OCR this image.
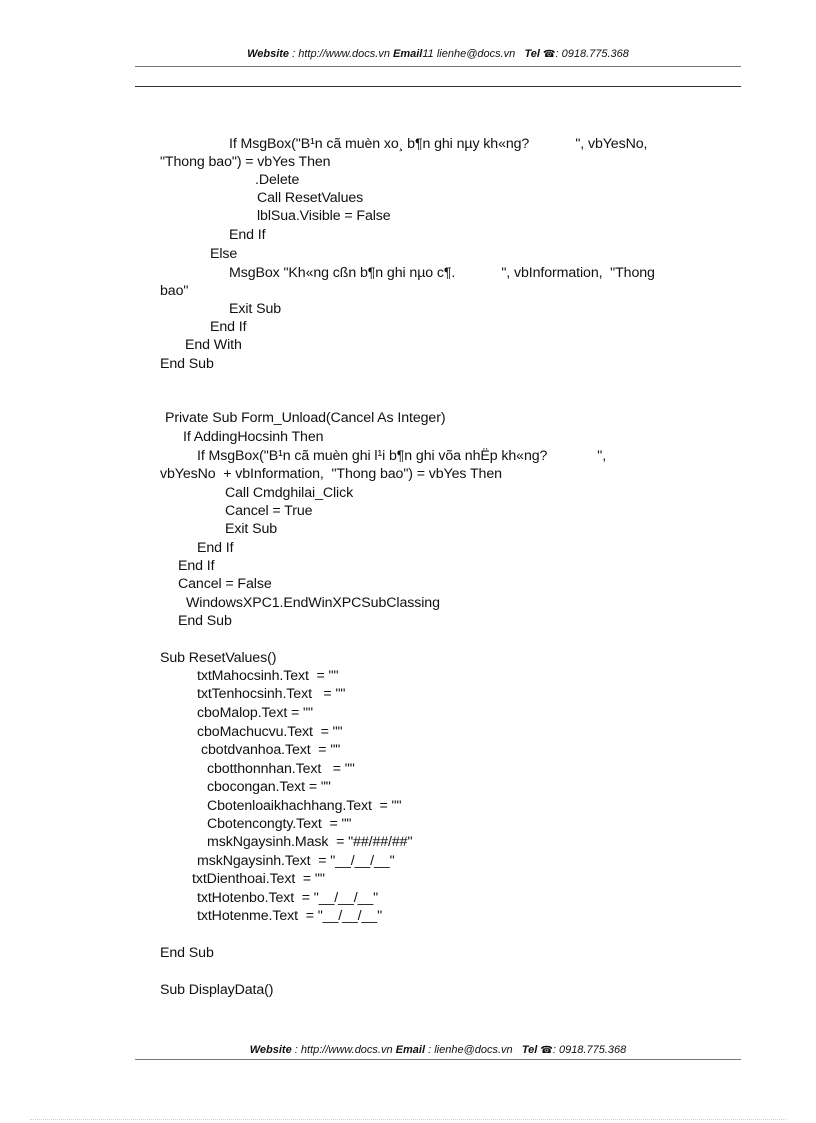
Website : http://www.docs.vn Email11 lienhe@docs.vn Tel ☎: 0918.775.368
If MsgBox("B¹n cã muèn xo¸ b¶n ghi nµy kh«ng?            ", vbYesNo,
"Thong bao") = vbYes Then
.Delete
Call ResetValues
lblSua.Visible = False
End If
Else
MsgBox "Kh«ng cßn b¶n ghi nµo c¶.            ", vbInformation,  "Thong
bao"
Exit Sub
End If
End With
End Sub
Private Sub Form_Unload(Cancel As Integer)
If AddingHocsinh Then
If MsgBox("B¹n cã muèn ghi l¹i b¶n ghi võa nhËp kh«ng?             ",
vbYesNo  + vbInformation,  "Thong bao") = vbYes Then
Call Cmdghilai_Click
Cancel = True
Exit Sub
End If
End If
Cancel = False
WindowsXPC1.EndWinXPCSubClassing
End Sub
Sub ResetValues()
txtMahocsinh.Text  = ""
txtTenhocsinh.Text   = ""
cboMalop.Text = ""
cboMachucvu.Text  = ""
cbotdvanhoa.Text  = ""
cbotthonnhan.Text   = ""
cbocongan.Text = ""
Cbotenloaikhachhang.Text  = ""
Cbotencongty.Text  = ""
mskNgaysinh.Mask  = "##/##/##"
mskNgaysinh.Text  = "__/__/__"
txtDienthoai.Text  = ""
txtHotenbo.Text  = "__/__/__"
txtHotenme.Text  = "__/__/__"
End Sub
Sub DisplayData()
Website : http://www.docs.vn Email : lienhe@docs.vn Tel ☎: 0918.775.368
